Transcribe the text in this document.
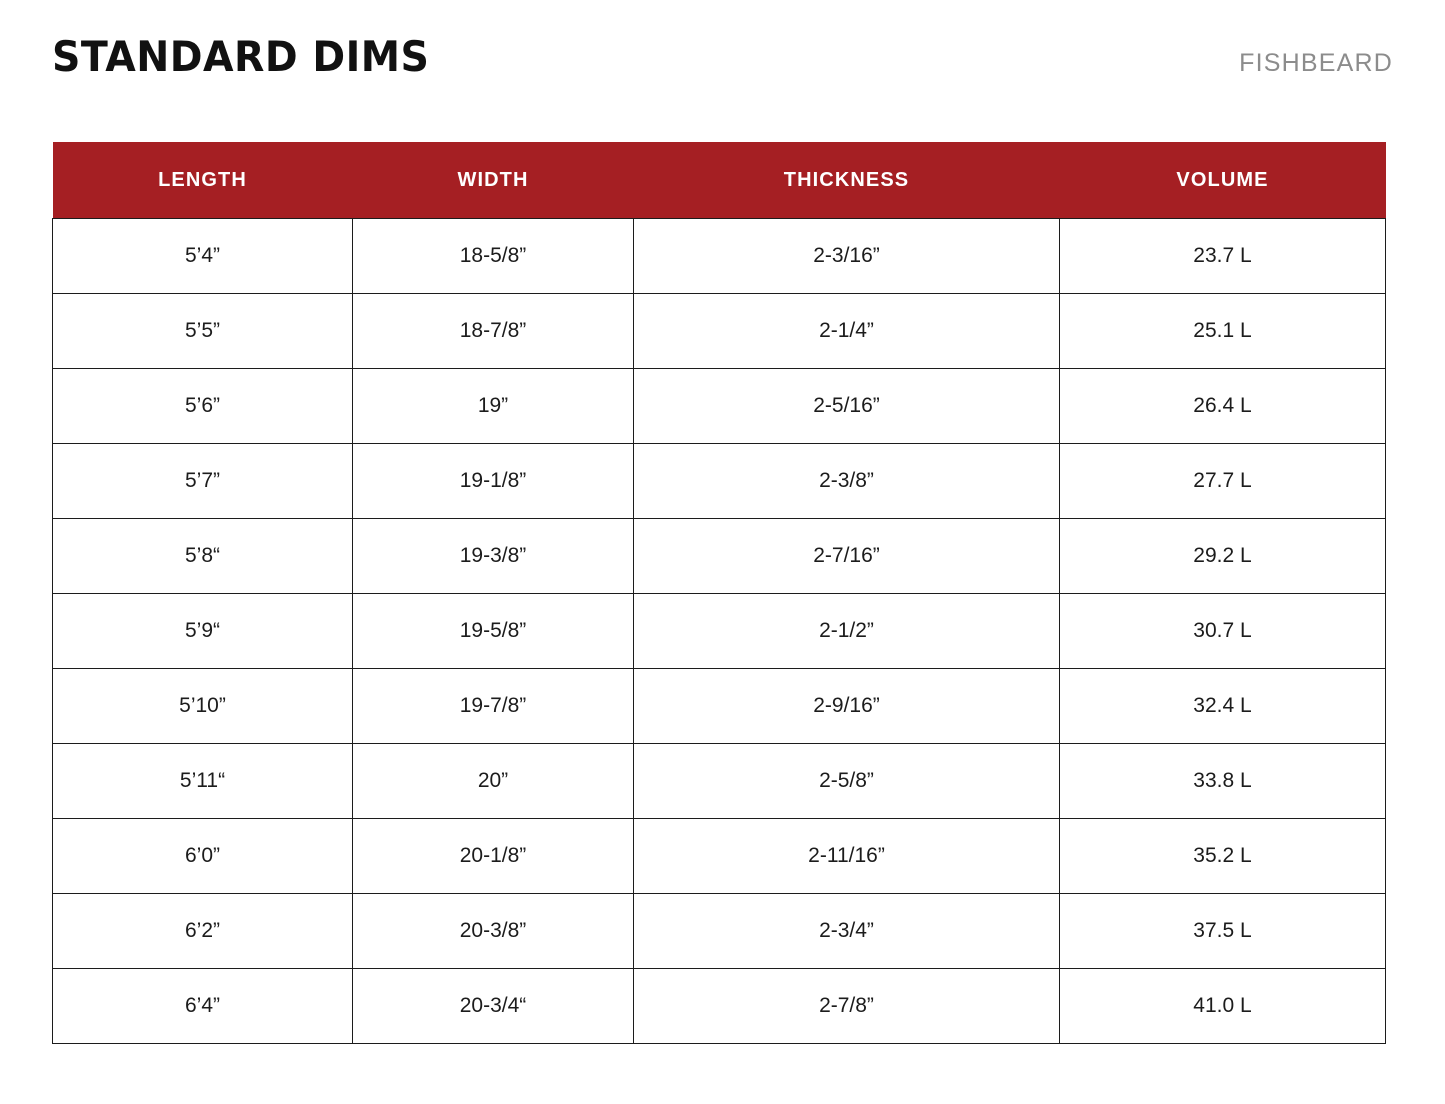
STANDARD DIMS	FISHBEARD
LENGTH	WIDTH	THICKNESS	VOLUME
5’4”	18-5/8”	2-3/16”	23.7 L
5’5”	18-7/8”	2-1/4”	25.1 L
5’6”	19”	2-5/16”	26.4 L
5’7”	19-1/8”	2-3/8”	27.7 L
5’8“	19-3/8”	2-7/16”	29.2 L
5’9“	19-5/8”	2-1/2”	30.7 L
5’10”	19-7/8”	2-9/16”	32.4 L
5’11“	20”	2-5/8”	33.8 L
6’0”	20-1/8”	2-11/16”	35.2 L
6’2”	20-3/8”	2-3/4”	37.5 L
6’4”	20-3/4“	2-7/8”	41.0 L
